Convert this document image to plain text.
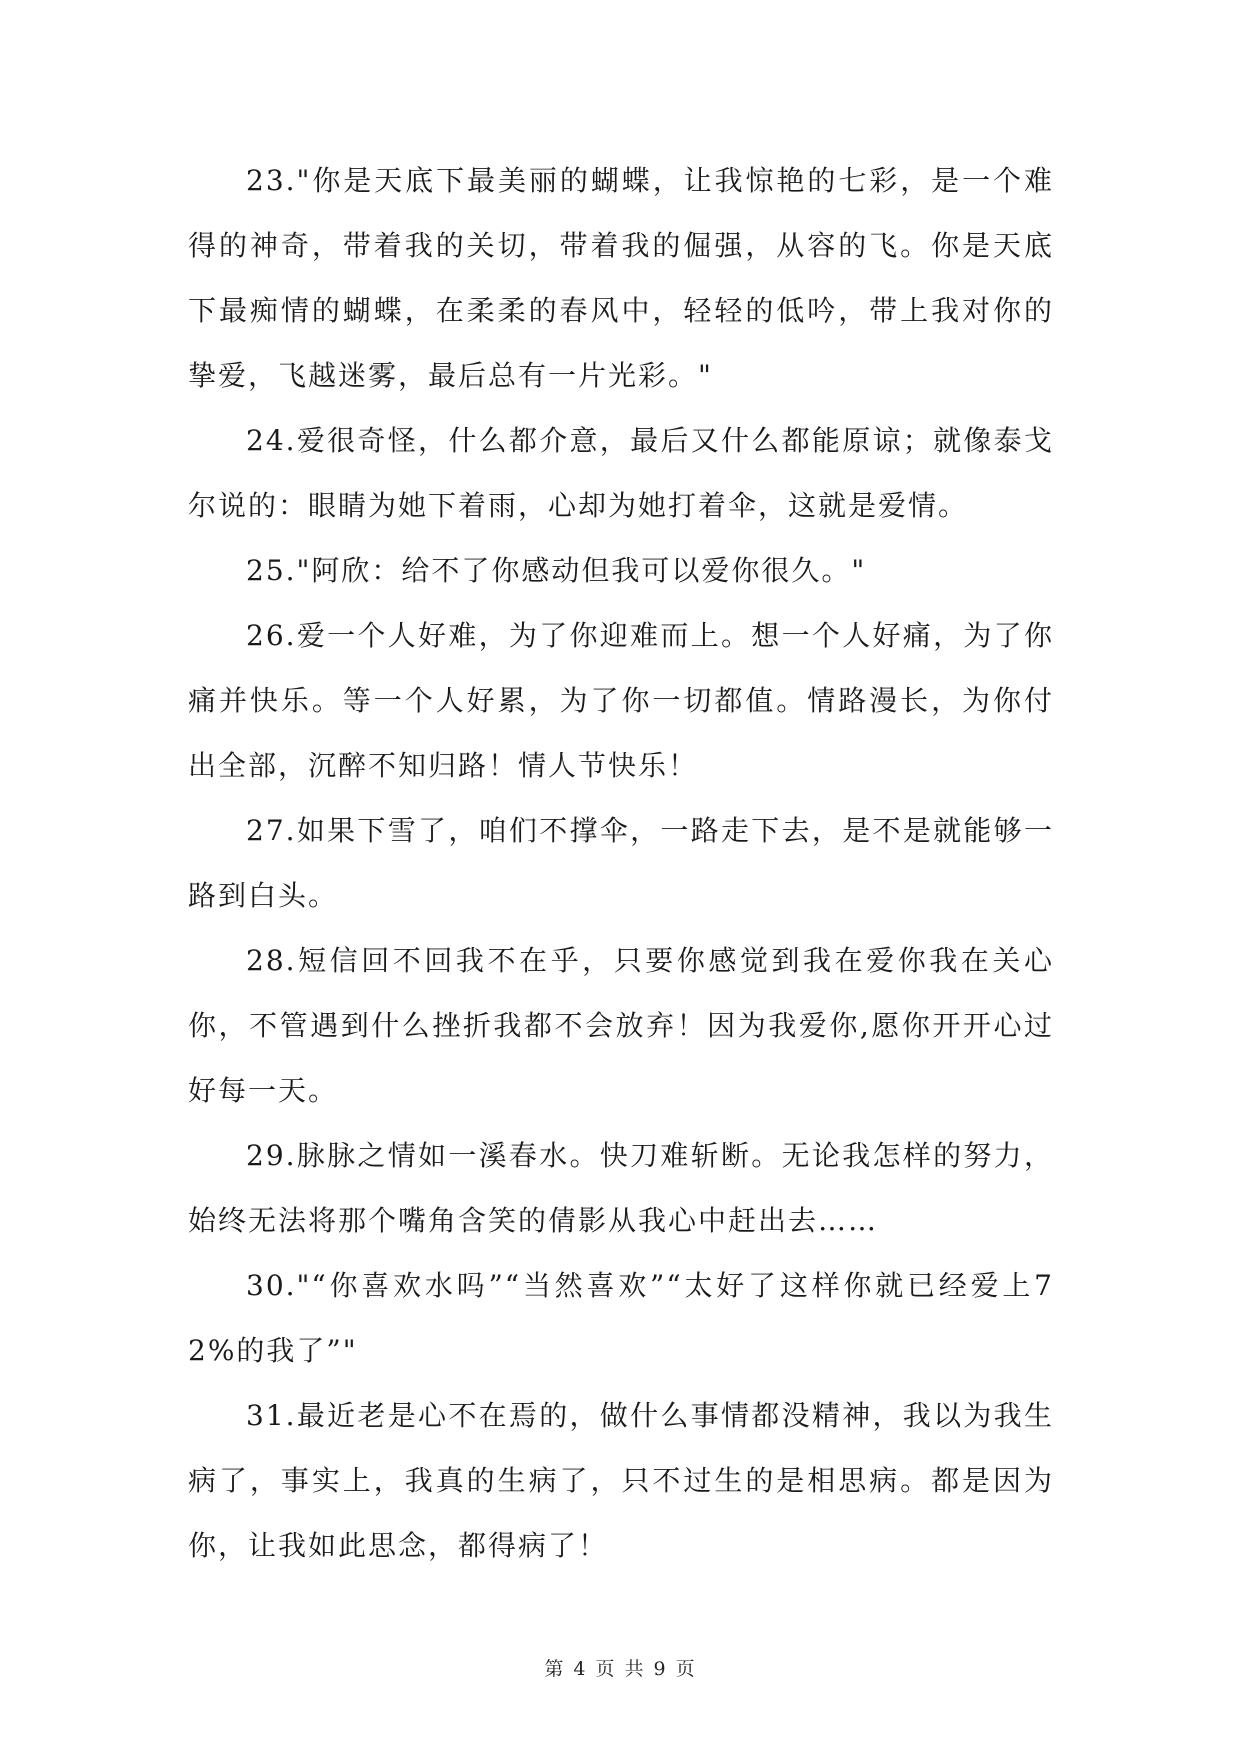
23."你是天底下最美丽的蝴蝶，让我惊艳的七彩，是一个难得的神奇，带着我的关切，带着我的倔强，从容的飞。你是天底下最痴情的蝴蝶，在柔柔的春风中，轻轻的低吟，带上我对你的挚爱，飞越迷雾，最后总有一片光彩。"

24.爱很奇怪，什么都介意，最后又什么都能原谅；就像泰戈尔说的：眼睛为她下着雨，心却为她打着伞，这就是爱情。

25."阿欣：给不了你感动但我可以爱你很久。"

26.爱一个人好难，为了你迎难而上。想一个人好痛，为了你痛并快乐。等一个人好累，为了你一切都值。情路漫长，为你付出全部，沉醉不知归路！情人节快乐！

27.如果下雪了，咱们不撑伞，一路走下去，是不是就能够一路到白头。

28.短信回不回我不在乎，只要你感觉到我在爱你我在关心你，不管遇到什么挫折我都不会放弃！因为我爱你,愿你开开心过好每一天。

29.脉脉之情如一溪春水。快刀难斩断。无论我怎样的努力，始终无法将那个嘴角含笑的倩影从我心中赶出去……

30."“你喜欢水吗”“当然喜欢”“太好了这样你就已经爱上72%的我了”"

31.最近老是心不在焉的，做什么事情都没精神，我以为我生病了，事实上，我真的生病了，只不过生的是相思病。都是因为你，让我如此思念，都得病了！

第 4 页 共 9 页
